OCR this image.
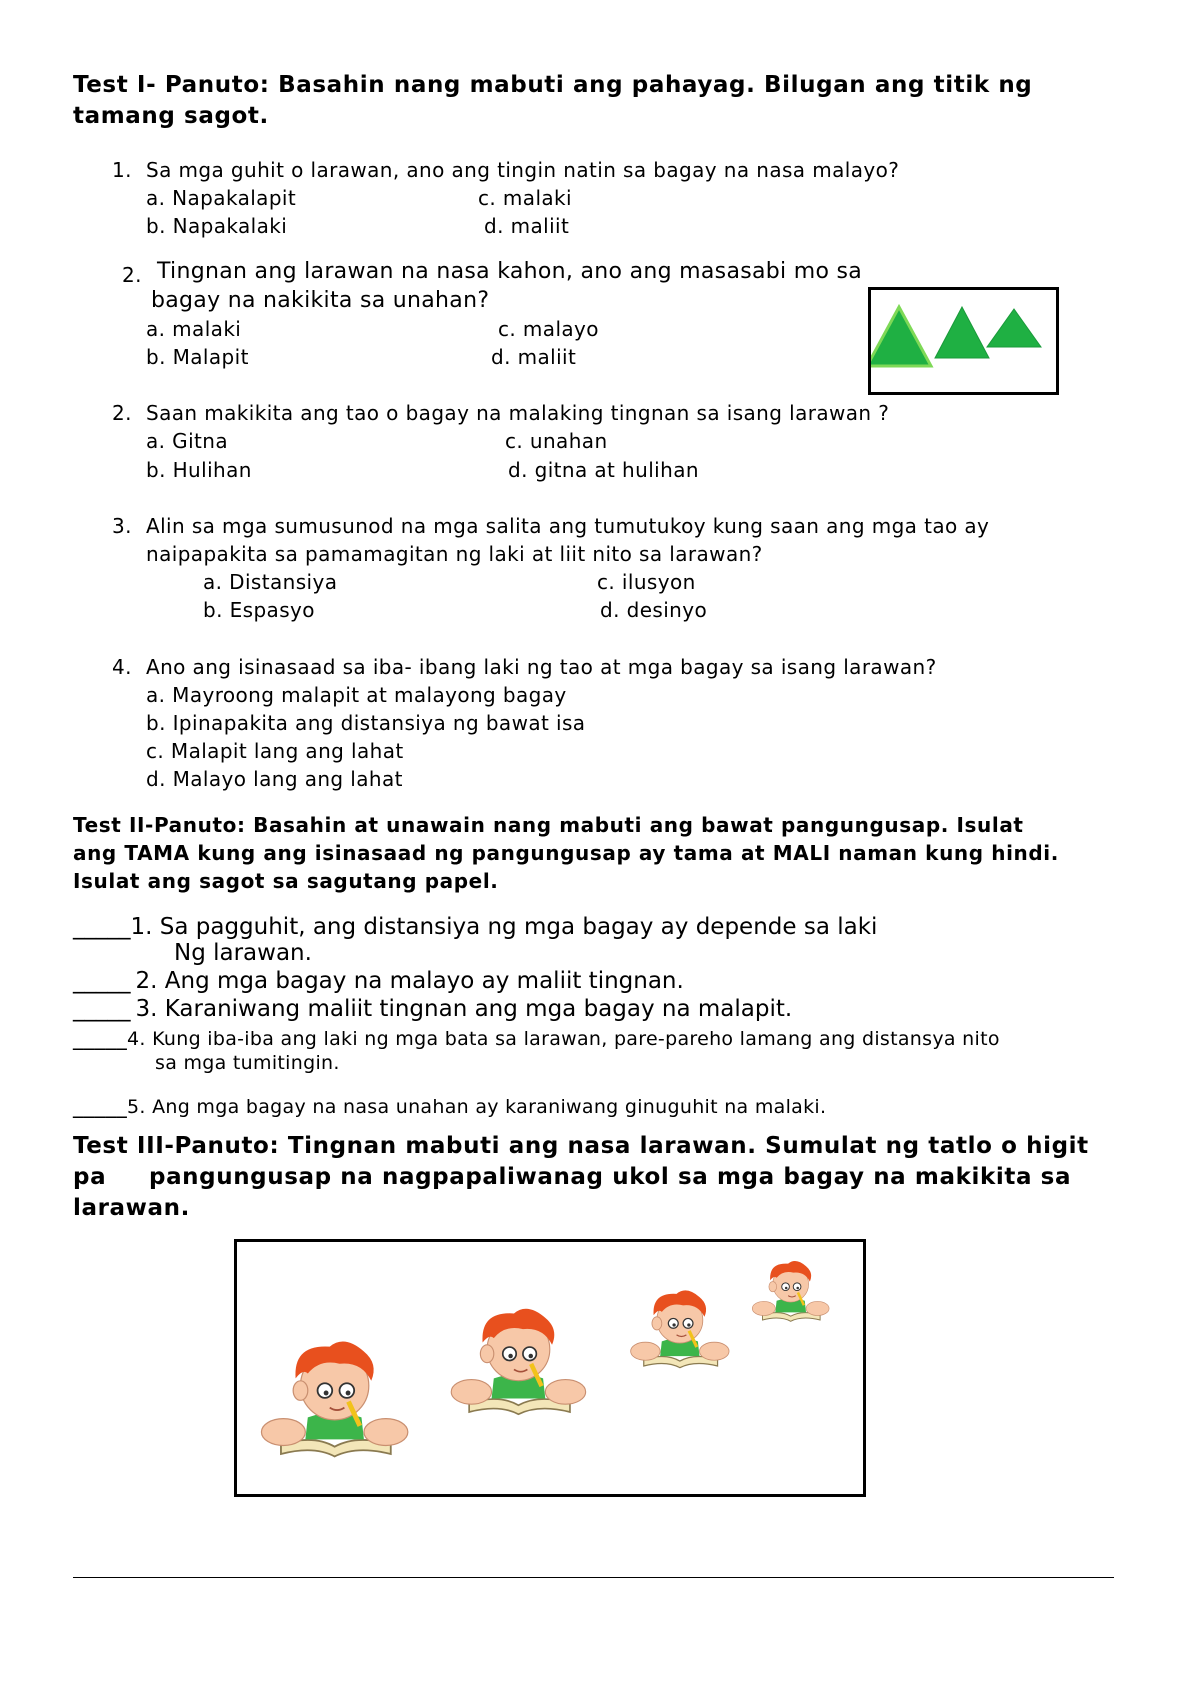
Test I- Panuto: Basahin nang mabuti ang pahayag. Bilugan ang titik ng
tamang sagot.
1. Sa mga guhit o larawan, ano ang tingin natin sa bagay na nasa malayo?
a. Napakalapit
b. Napakalaki
c. malaki
d. maliit
2. Tingnan ang larawan na nasa kahon, ano ang masasabi mo sa
bagay na nakikita sa unahan?
a. malaki
b. Malapit
c. malayo
d. maliit
2. Saan makikita ang tao o bagay na malaking tingnan sa isang larawan ?
a. Gitna
b. Hulihan
c. unahan
d. gitna at hulihan
3. Alin sa mga sumusunod na mga salita ang tumutukoy kung saan ang mga tao ay
naipapakita sa pamamagitan ng laki at liit nito sa larawan?
a. Distansiya
b. Espasyo
c. ilusyon
d. desinyo
4. Ano ang isinasaad sa iba- ibang laki ng tao at mga bagay sa isang larawan?
a. Mayroong malapit at malayong bagay
b. Ipinapakita ang distansiya ng bawat isa
c. Malapit lang ang lahat
d. Malayo lang ang lahat
Test II-Panuto: Basahin at unawain nang mabuti ang bawat pangungusap. Isulat
ang TAMA kung ang isinasaad ng pangungusap ay tama at MALI naman kung hindi.
Isulat ang sagot sa sagutang papel.
_____1. Sa pagguhit, ang distansiya ng mga bagay ay depende sa laki
Ng larawan.
_____ 2. Ang mga bagay na malayo ay maliit tingnan.
_____ 3. Karaniwang maliit tingnan ang mga bagay na malapit.
_____4. Kung iba-iba ang laki ng mga bata sa larawan, pare-pareho lamang ang distansya nito
sa mga tumitingin.
_____5. Ang mga bagay na nasa unahan ay karaniwang ginuguhit na malaki.
Test III-Panuto: Tingnan mabuti ang nasa larawan. Sumulat ng tatlo o higit
pa pangungusap na nagpapaliwanag ukol sa mga bagay na makikita sa
larawan.
